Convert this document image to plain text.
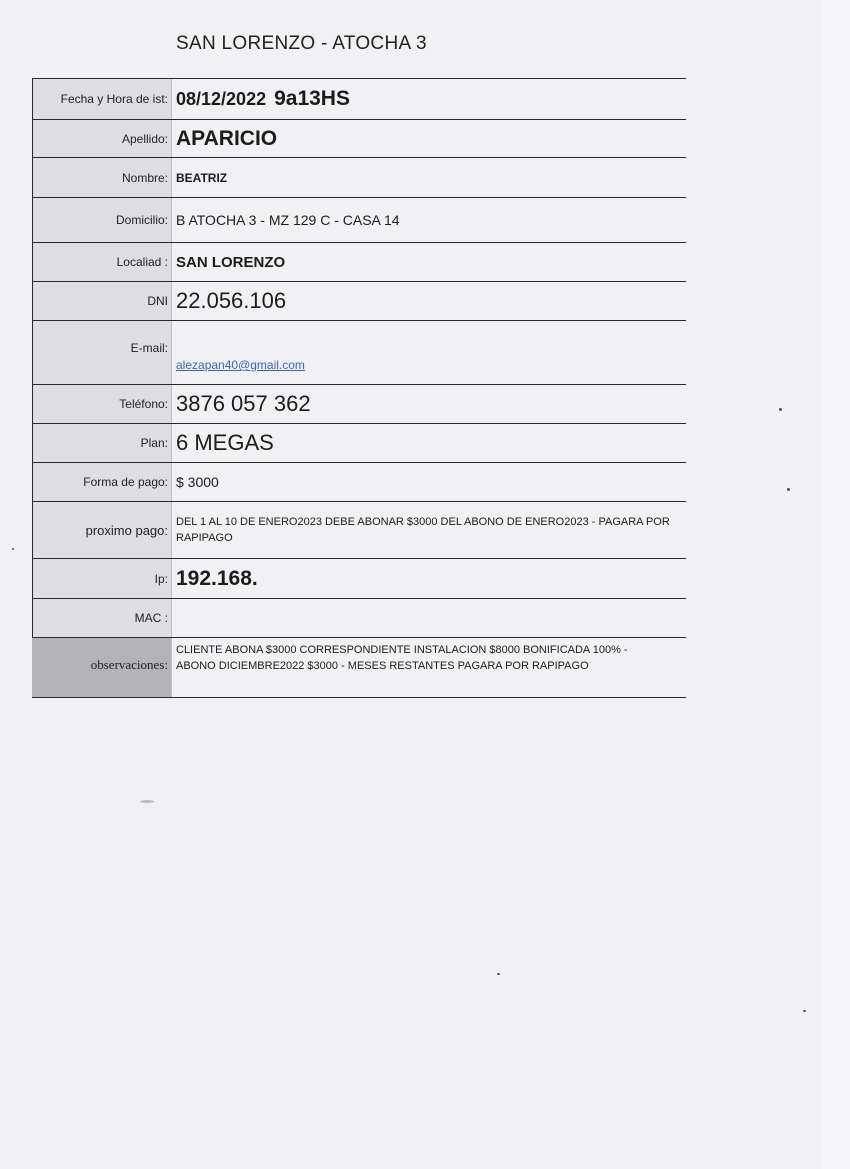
SAN LORENZO - ATOCHA 3
Fecha y Hora de ist: 08/12/2022 9a13HS
Apellido: APARICIO
Nombre: BEATRIZ
Domicilio: B ATOCHA 3 - MZ 129 C - CASA 14
Localiad : SAN LORENZO
DNI 22.056.106
E-mail:
alezapan40@gmail.com
Teléfono: 3876 057 362
Plan: 6 MEGAS
Forma de pago: $ 3000
proximo pago:
DEL 1 AL 10 DE ENERO2023 DEBE ABONAR $3000 DEL ABONO DE ENERO2023 - PAGARA POR RAPIPAGO
Ip: 192.168.
MAC :
observaciones:
CLIENTE ABONA $3000 CORRESPONDIENTE INSTALACION $8000 BONIFICADA 100% - ABONO DICIEMBRE2022 $3000 - MESES RESTANTES PAGARA POR RAPIPAGO
